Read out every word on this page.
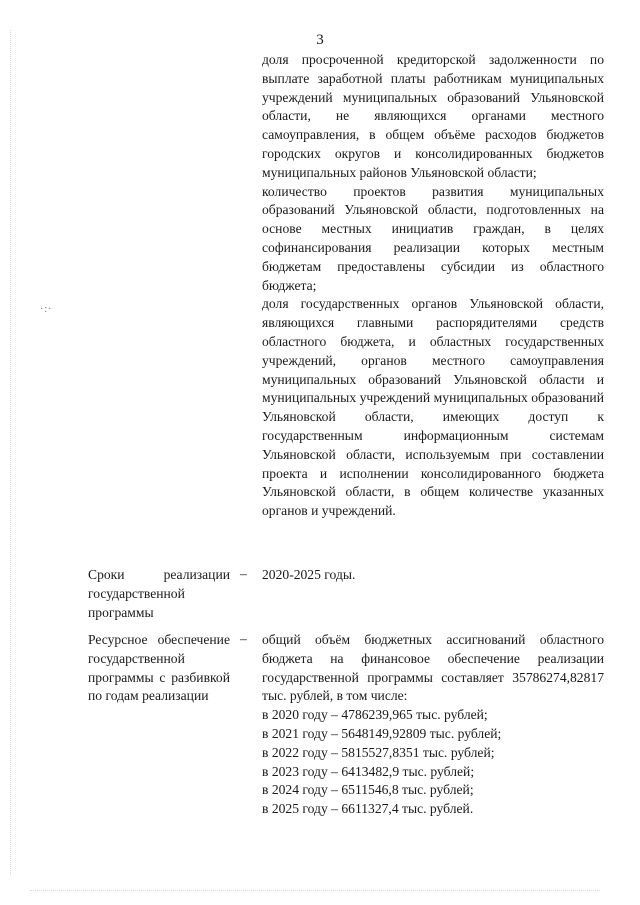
3
·:·

доля просроченной кредиторской задолженности по выплате заработной платы работникам муниципальных учреждений муниципальных образований Ульяновской области, не являющихся органами местного самоуправления, в общем объёме расходов бюджетов городских округов и консолидированных бюджетов муниципальных районов Ульяновской области;

количество проектов развития муниципальных образований Ульяновской области, подготовленных на основе местных инициатив граждан, в целях софинансирования реализации которых местным бюджетам предоставлены субсидии из областного бюджета;

доля государственных органов Ульяновской области, являющихся главными распорядителями средств областного бюджета, и областных государственных учреждений, органов местного самоуправления муниципальных образований Ульяновской области и муниципальных учреждений муниципальных образований Ульяновской области, имеющих доступ к государственным информационным системам Ульяновской области, используемым при составлении проекта и исполнении консолидированного бюджета Ульяновской области, в общем количестве указанных органов и учреждений.

Сроки реализации государственной программы
– 2020-2025 годы.
Ресурсное обеспечение государственной программы с разбивкой по годам реализации
– общий объём бюджетных ассигнований областного бюджета на финансовое обеспечение реализации государственной программы составляет 35786274,82817 тыс. рублей, в том числе:

в 2020 году – 4786239,965 тыс. рублей;

в 2021 году – 5648149,92809 тыс. рублей;

в 2022 году – 5815527,8351 тыс. рублей;

в 2023 году – 6413482,9 тыс. рублей;

в 2024 году – 6511546,8 тыс. рублей;

в 2025 году – 6611327,4 тыс. рублей.
